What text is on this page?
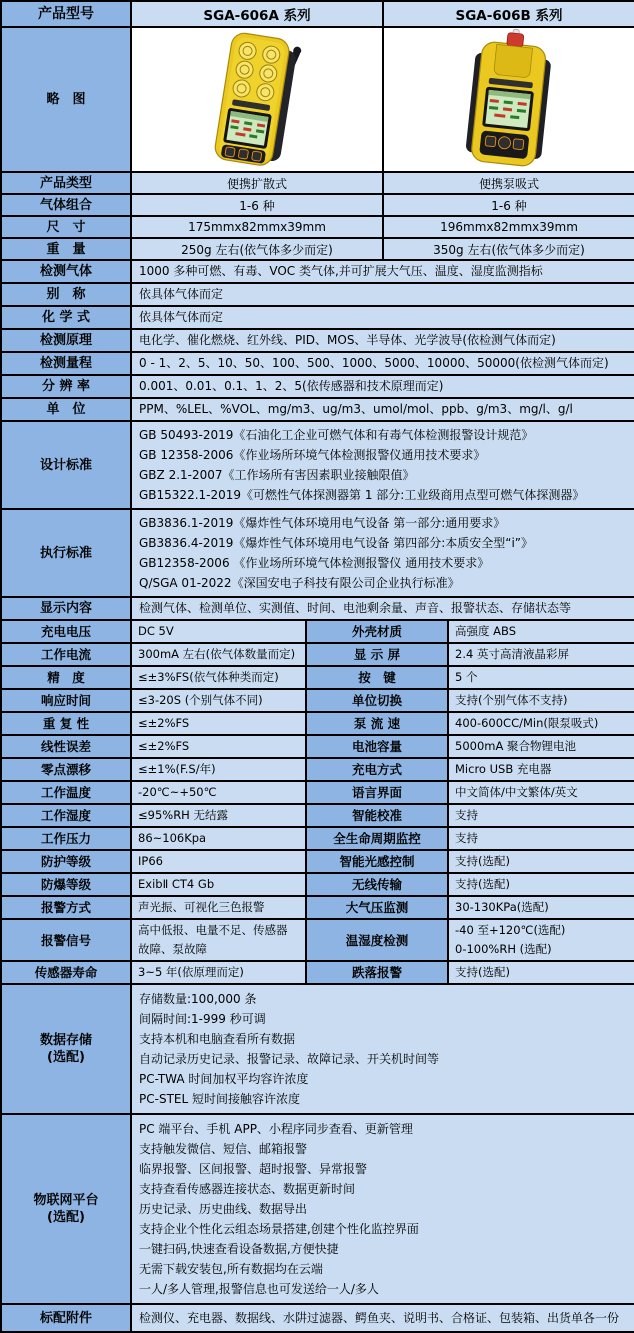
产品型号	SGA-606A 系列	SGA-606B 系列
略　图	

产品类型	便携扩散式	便携泵吸式
气体组合	1-6 种	1-6 种
尺　寸	175mmx82mmx39mm	196mmx82mmx39mm
重　量	250g 左右(依气体多少而定)	350g 左右(依气体多少而定)
检测气体	1000 多种可燃、有毒、VOC 类气体,并可扩展大气压、温度、湿度监测指标
别　称	依具体气体而定
化 学 式	依具体气体而定
检测原理	电化学、催化燃烧、红外线、PID、MOS、半导体、光学波导(依检测气体而定)
检测量程	0 - 1、2、5、10、50、100、500、1000、5000、10000、50000(依检测气体而定)
分 辨 率	0.001、0.01、0.1、1、2、5(依传感器和技术原理而定)
单　位	PPM、%LEL、%VOL、mg/m3、ug/m3、umol/mol、ppb、g/m3、mg/l、g/l
设计标准	GB 50493-2019《石油化工企业可燃气体和有毒气体检测报警设计规范》
GB 12358-2006《作业场所环境气体检测报警仪通用技术要求》
GBZ 2.1-2007《工作场所有害因素职业接触限值》
GB15322.1-2019《可燃性气体探测器第 1 部分:工业级商用点型可燃气体探测器》
执行标准	GB3836.1-2019《爆炸性气体环境用电气设备 第一部分:通用要求》
GB3836.4-2019《爆炸性气体环境用电气设备 第四部分:本质安全型“i”》
GB12358-2006 《作业场所环境气体检测报警仪 通用技术要求》
Q/SGA 01-2022《深国安电子科技有限公司企业执行标准》
显示内容	检测气体、检测单位、实测值、时间、电池剩余量、声音、报警状态、存储状态等
充电电压	DC 5V	外壳材质	高强度 ABS
工作电流	300mA 左右(依气体数量而定)	显 示 屏	2.4 英寸高清液晶彩屏
精　度	≤±3%FS(依气体种类而定)	按　键	5 个
响应时间	≤3-20S (个别气体不同)	单位切换	支持(个别气体不支持)
重 复 性	≤±2%FS	泵 流 速	400-600CC/Min(限泵吸式)
线性误差	≤±2%FS	电池容量	5000mA 聚合物锂电池
零点漂移	≤±1%(F.S/年)	充电方式	Micro USB 充电器
工作温度	-20℃~+50℃	语言界面	中文简体/中文繁体/英文
工作湿度	≤95%RH 无结露	智能校准	支持
工作压力	86~106Kpa	全生命周期监控	支持
防护等级	IP66	智能光感控制	支持(选配)
防爆等级	ExibⅡ CT4 Gb	无线传输	支持(选配)
报警方式	声光振、可视化三色报警	大气压监测	30-130KPa(选配)
报警信号	高中低报、电量不足、传感器
故障、泵故障	温湿度检测	-40 至+120℃(选配)
0-100%RH (选配)
传感器寿命	3~5 年(依原理而定)	跌落报警	支持(选配)
数据存储
(选配)	存储数量:100,000 条
间隔时间:1-999 秒可调
支持本机和电脑查看所有数据
自动记录历史记录、报警记录、故障记录、开关机时间等
PC-TWA 时间加权平均容许浓度
PC-STEL 短时间接触容许浓度
物联网平台
(选配)	PC 端平台、手机 APP、小程序同步查看、更新管理
支持触发微信、短信、邮箱报警
临界报警、区间报警、超时报警、异常报警
支持查看传感器连接状态、数据更新时间
历史记录、历史曲线、数据导出
支持企业个性化云组态场景搭建,创建个性化监控界面
一键扫码,快速查看设备数据,方便快捷
无需下载安装包,所有数据均在云端
一人/多人管理,报警信息也可发送给一人/多人
标配附件	检测仪、充电器、数据线、水阱过滤器、鳄鱼夹、说明书、合格证、包装箱、出货单各一份
